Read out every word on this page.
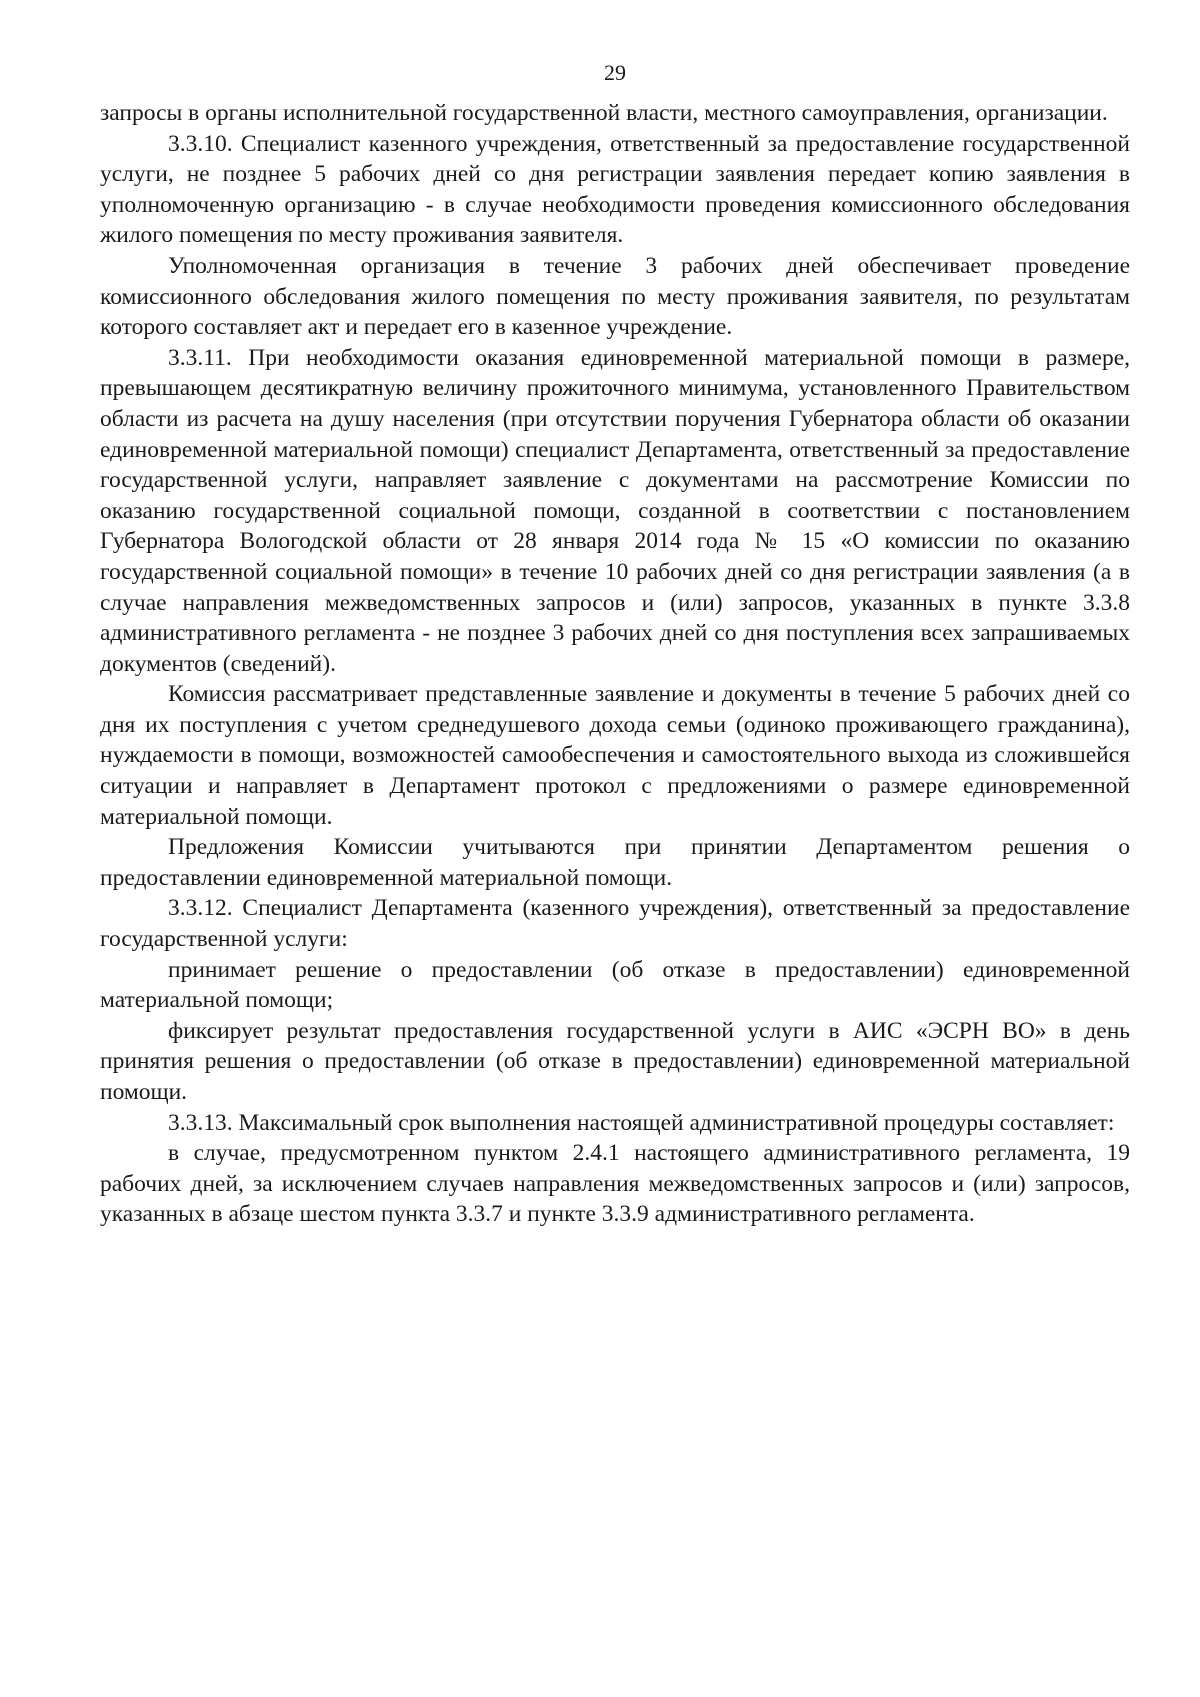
29

запросы в органы исполнительной государственной власти, местного самоуправления, организации.

3.3.10. Специалист казенного учреждения, ответственный за предоставление государственной услуги, не позднее 5 рабочих дней со дня регистрации заявления передает копию заявления в уполномоченную организацию - в случае необходимости проведения комиссионного обследования жилого помещения по месту проживания заявителя.

Уполномоченная организация в течение 3 рабочих дней обеспечивает проведение комиссионного обследования жилого помещения по месту проживания заявителя, по результатам которого составляет акт и передает его в казенное учреждение.

3.3.11. При необходимости оказания единовременной материальной помощи в размере, превышающем десятикратную величину прожиточного минимума, установленного Правительством области из расчета на душу населения (при отсутствии поручения Губернатора области об оказании единовременной материальной помощи) специалист Департамента, ответственный за предоставление государственной услуги, направляет заявление с документами на рассмотрение Комиссии по оказанию государственной социальной помощи, созданной в соответствии с постановлением Губернатора Вологодской области от 28 января 2014 года № 15 «О комиссии по оказанию государственной социальной помощи» в течение 10 рабочих дней со дня регистрации заявления (а в случае направления межведомственных запросов и (или) запросов, указанных в пункте 3.3.8 административного регламента - не позднее 3 рабочих дней со дня поступления всех запрашиваемых документов (сведений).

Комиссия рассматривает представленные заявление и документы в течение 5 рабочих дней со дня их поступления с учетом среднедушевого дохода семьи (одиноко проживающего гражданина), нуждаемости в помощи, возможностей самообеспечения и самостоятельного выхода из сложившейся ситуации и направляет в Департамент протокол с предложениями о размере единовременной материальной помощи.

Предложения Комиссии учитываются при принятии Департаментом решения о предоставлении единовременной материальной помощи.

3.3.12. Специалист Департамента (казенного учреждения), ответственный за предоставление государственной услуги:

принимает решение о предоставлении (об отказе в предоставлении) единовременной материальной помощи;

фиксирует результат предоставления государственной услуги в АИС «ЭСРН ВО» в день принятия решения о предоставлении (об отказе в предоставлении) единовременной материальной помощи.

3.3.13. Максимальный срок выполнения настоящей административной процедуры составляет:

в случае, предусмотренном пунктом 2.4.1 настоящего административного регламента, 19 рабочих дней, за исключением случаев направления межведомственных запросов и (или) запросов, указанных в абзаце шестом пункта 3.3.7 и пункте 3.3.9 административного регламента.
